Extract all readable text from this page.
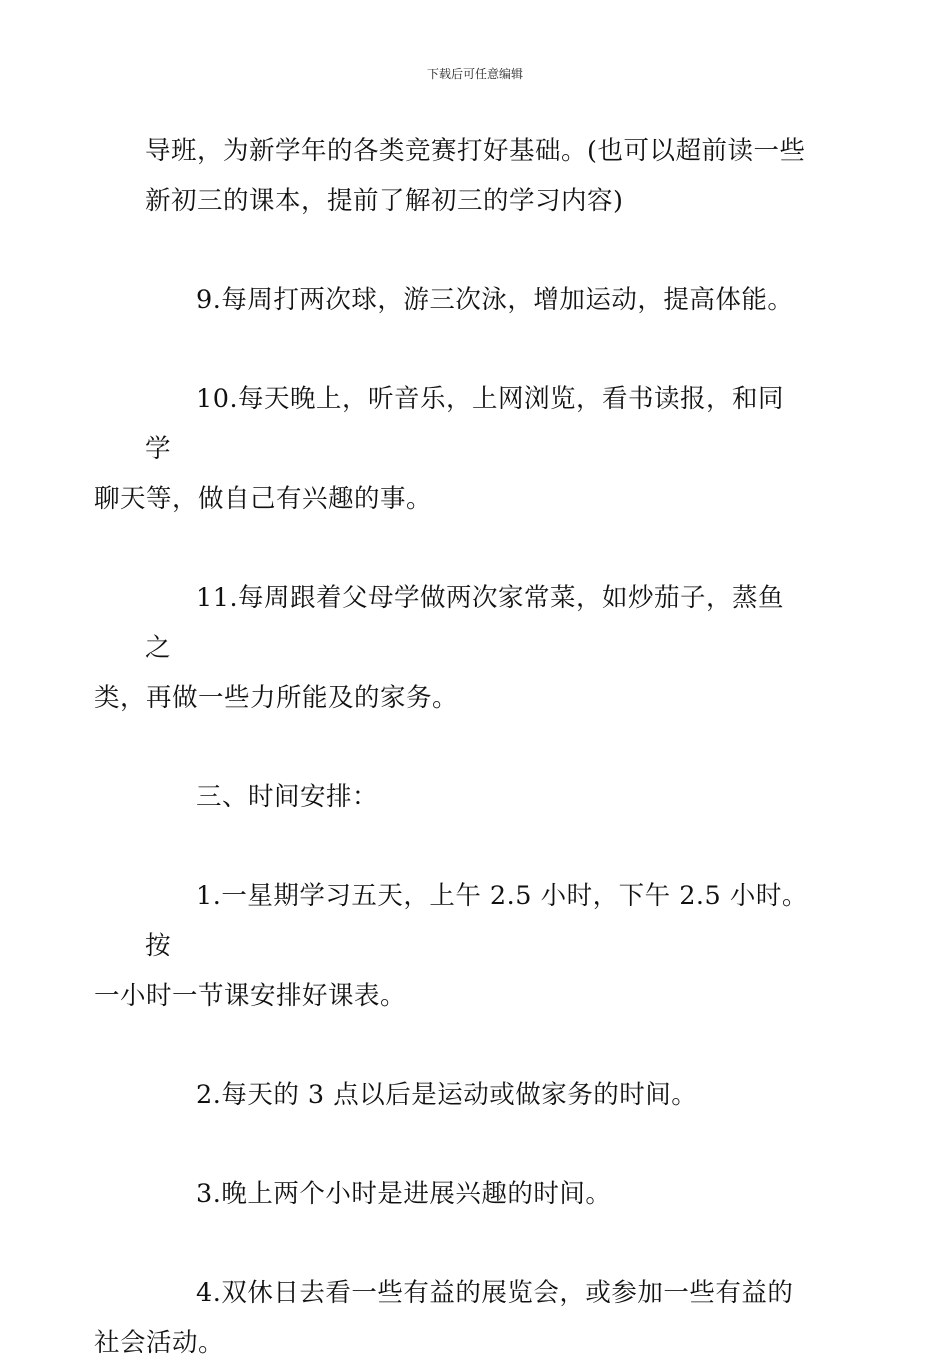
下载后可任意编辑

导班，为新学年的各类竞赛打好基础。(也可以超前读一些
新初三的课本，提前了解初三的学习内容)

9.每周打两次球，游三次泳，增加运动，提高体能。

10.每天晚上，听音乐，上网浏览，看书读报，和同学
聊天等，做自己有兴趣的事。

11.每周跟着父母学做两次家常菜，如炒茄子，蒸鱼之
类，再做一些力所能及的家务。

三、时间安排：

1.一星期学习五天，上午 2.5 小时，下午 2.5 小时。按
一小时一节课安排好课表。

2.每天的 3 点以后是运动或做家务的时间。

3.晚上两个小时是进展兴趣的时间。

4.双休日去看一些有益的展览会，或参加一些有益的
社会活动。
